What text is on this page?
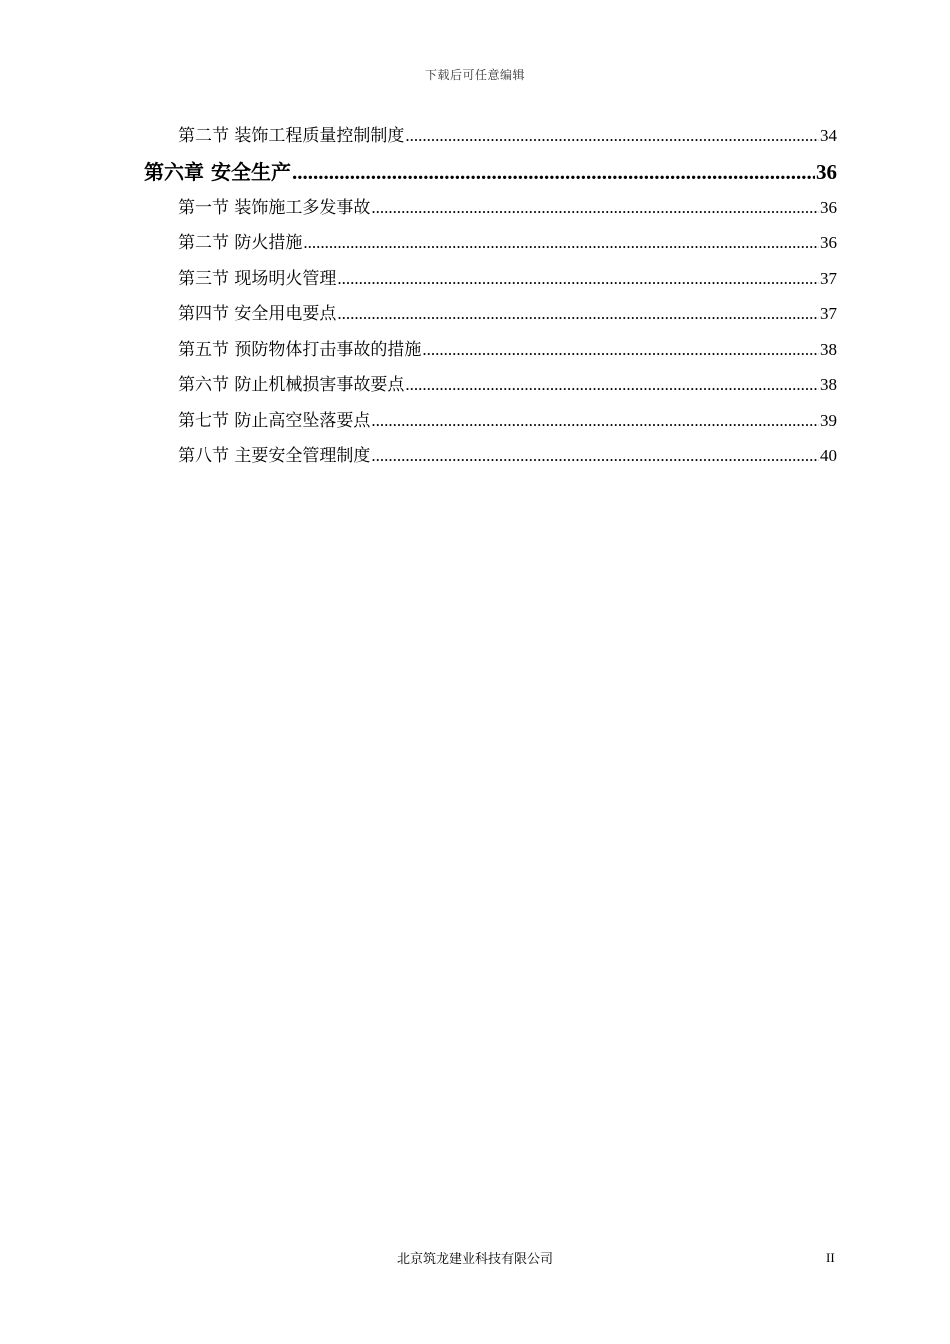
下载后可任意编辑
第二节 装饰工程质量控制制度 .....	34
第六章 安全生产 .....	36
第一节 装饰施工多发事故 .....	36
第二节 防火措施 .....	36
第三节 现场明火管理 .....	37
第四节 安全用电要点 .....	37
第五节 预防物体打击事故的措施 .....	38
第六节 防止机械损害事故要点 .....	38
第七节 防止高空坠落要点 .....	39
第八节 主要安全管理制度 .....	40
北京筑龙建业科技有限公司	II
